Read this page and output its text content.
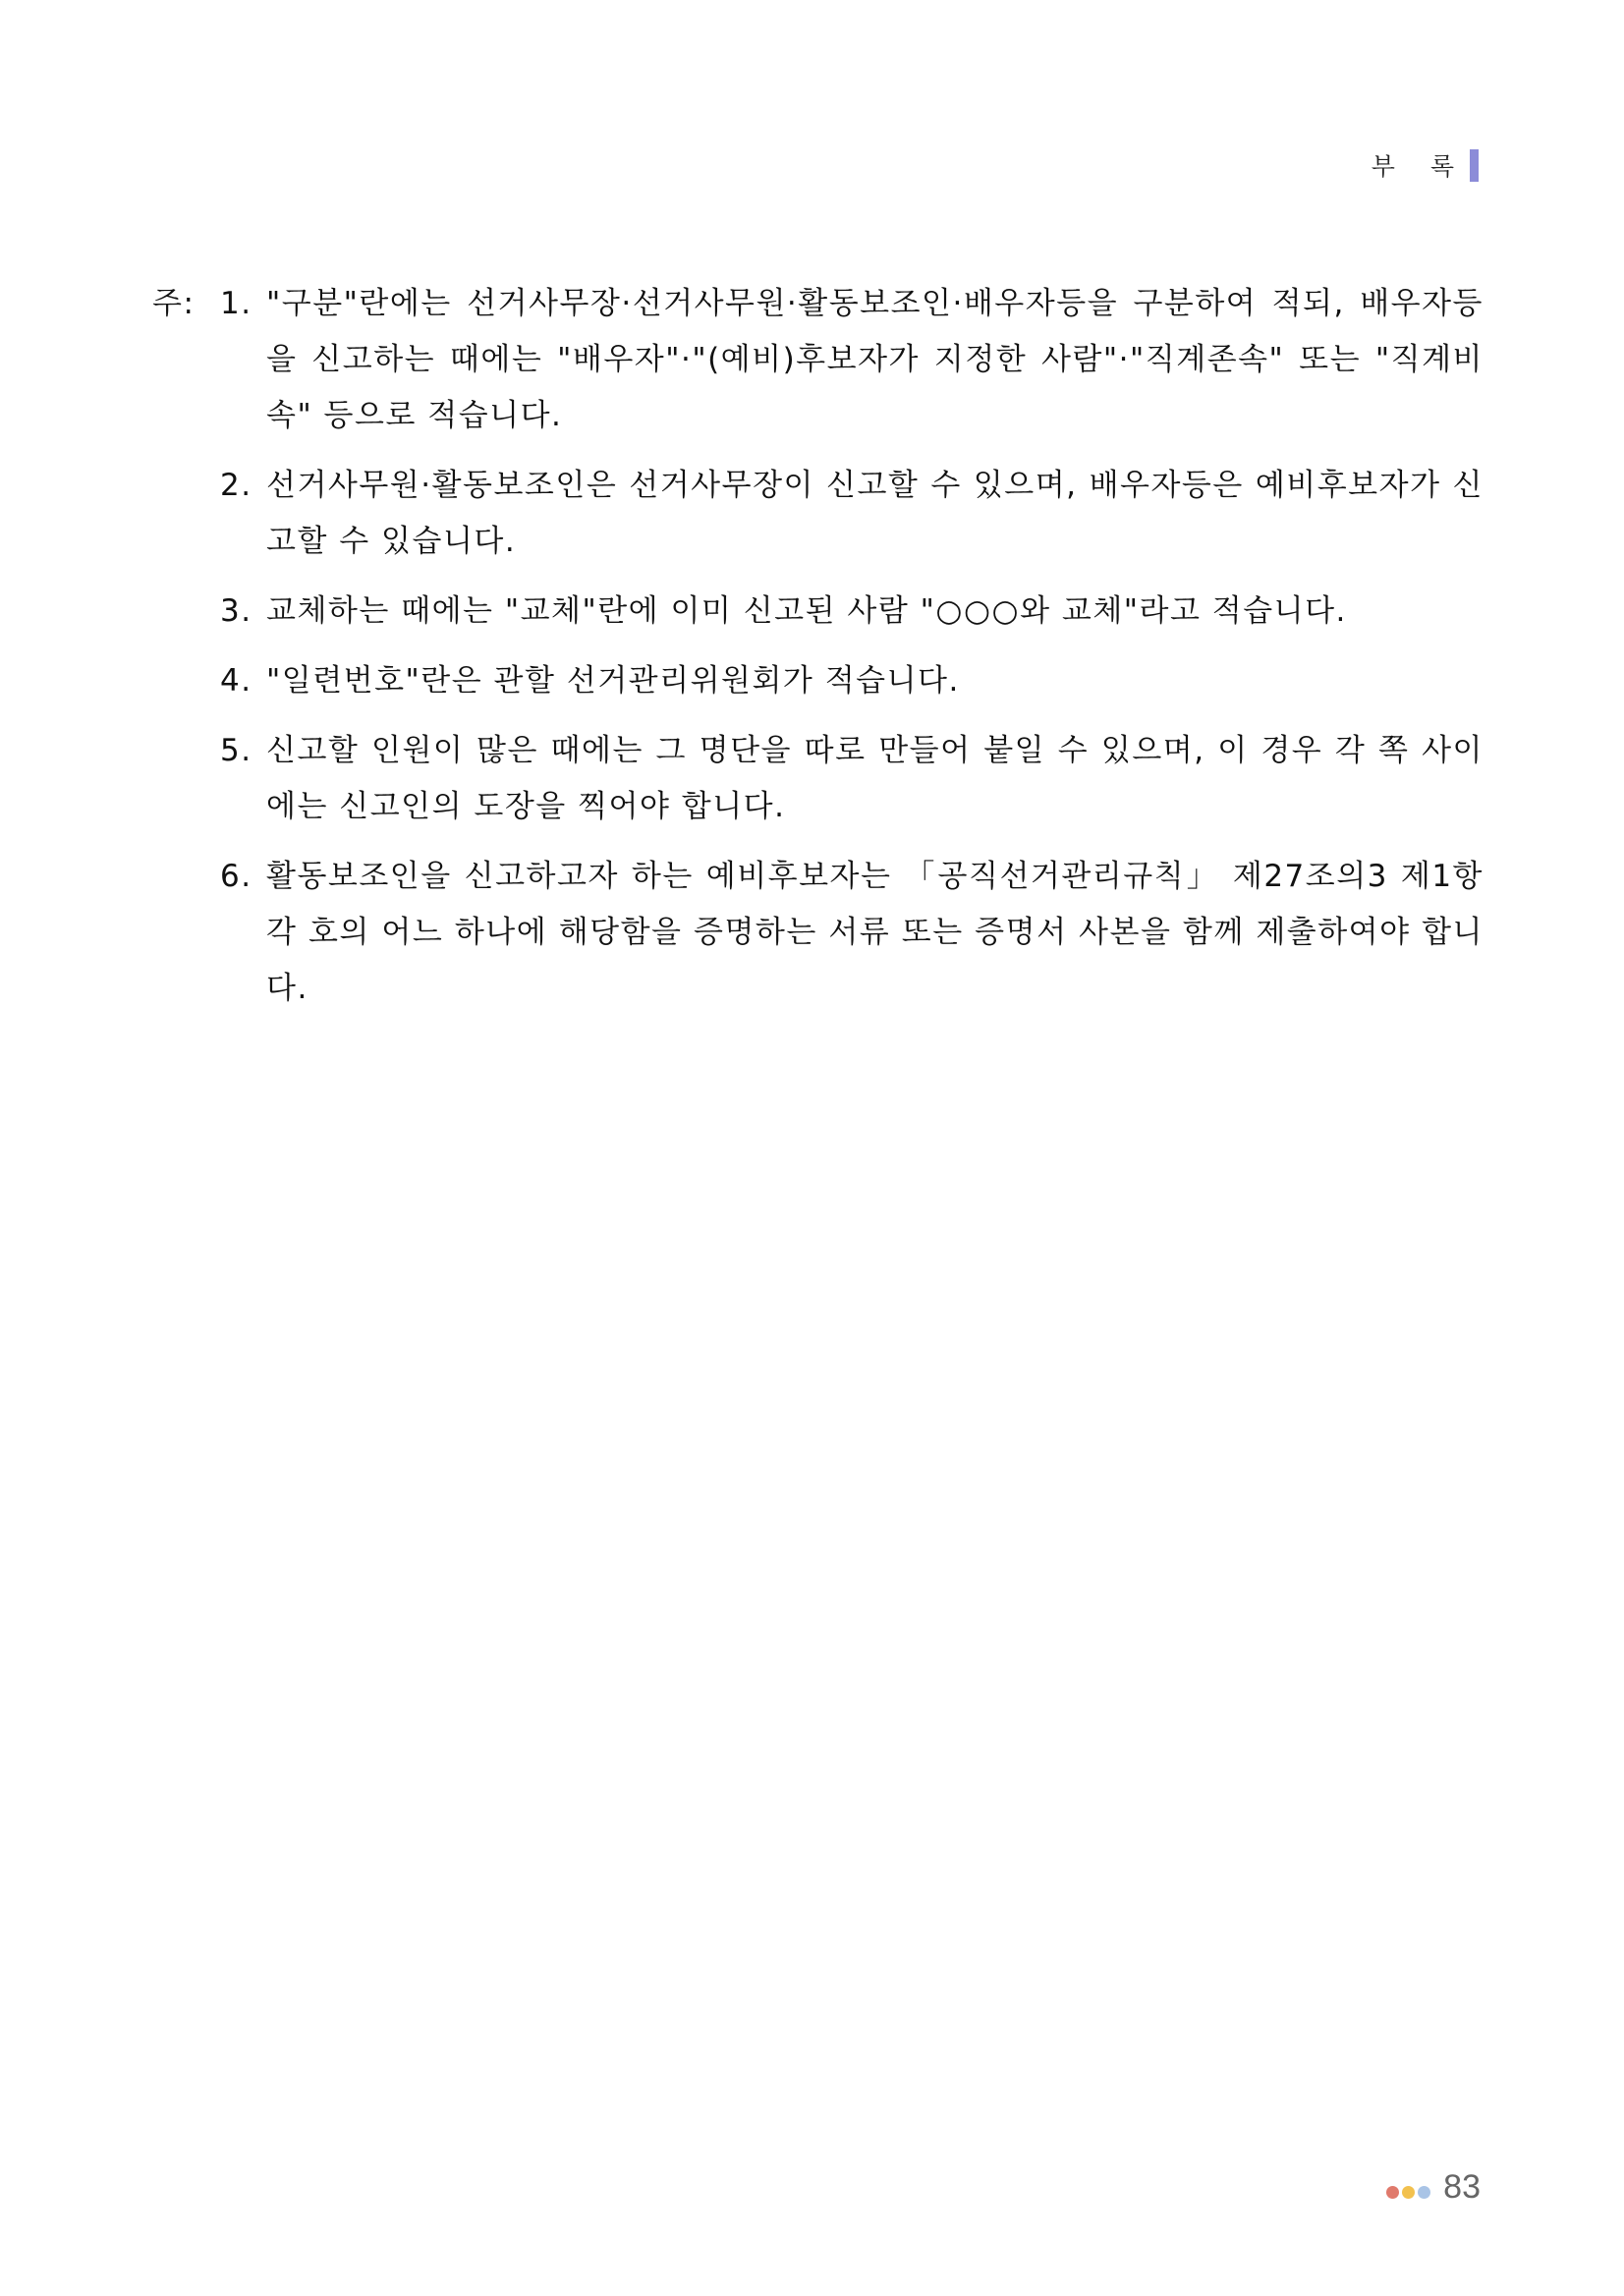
부 록
주: 1. "구분"란에는 선거사무장·선거사무원·활동보조인·배우자등을 구분하여 적되, 배우자등을 신고하는 때에는 "배우자"·"(예비)후보자가 지정한 사람"·"직계존속" 또는 "직계비속" 등으로 적습니다.
2. 선거사무원·활동보조인은 선거사무장이 신고할 수 있으며, 배우자등은 예비후보자가 신고할 수 있습니다.
3. 교체하는 때에는 "교체"란에 이미 신고된 사람 "○○○와 교체"라고 적습니다.
4. "일련번호"란은 관할 선거관리위원회가 적습니다.
5. 신고할 인원이 많은 때에는 그 명단을 따로 만들어 붙일 수 있으며, 이 경우 각 쪽 사이에는 신고인의 도장을 찍어야 합니다.
6. 활동보조인을 신고하고자 하는 예비후보자는 「공직선거관리규칙」 제27조의3 제1항 각 호의 어느 하나에 해당함을 증명하는 서류 또는 증명서 사본을 함께 제출하여야 합니다.
83
